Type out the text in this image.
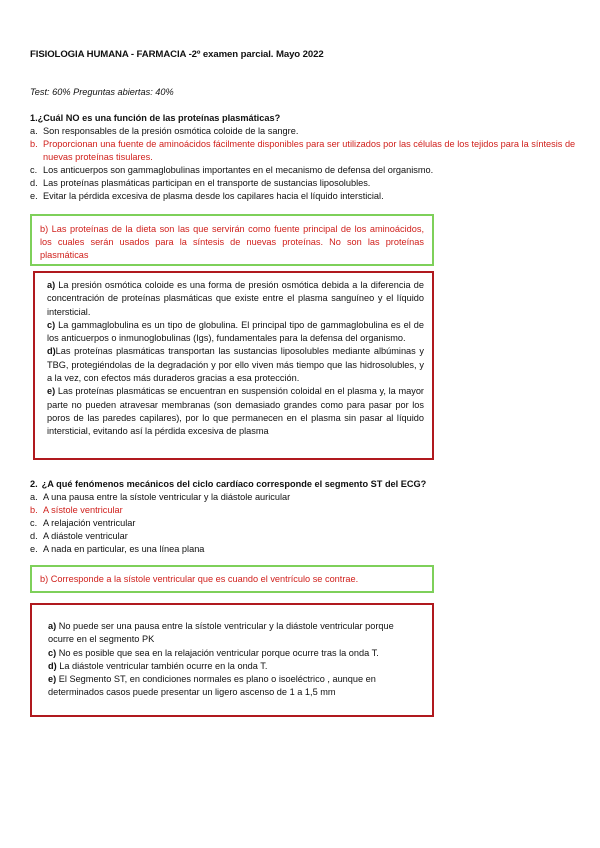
FISIOLOGIA HUMANA - FARMACIA -2º examen parcial. Mayo 2022
Test: 60% Preguntas abiertas: 40%
1.¿Cuál NO es una función de las proteínas plasmáticas?
a. Son responsables de la presión osmótica coloide de la sangre.
b. Proporcionan una fuente de aminoácidos fácilmente disponibles para ser utilizados por las células de los tejidos para la síntesis de nuevas proteínas tisulares.
c. Los anticuerpos son gammaglobulinas importantes en el mecanismo de defensa del organismo.
d. Las proteínas plasmáticas participan en el transporte de sustancias liposolubles.
e. Evitar la pérdida excesiva de plasma desde los capilares hacia el líquido intersticial.
b) Las proteínas de la dieta son las que servirán como fuente principal de los aminoácidos, los cuales serán usados para la síntesis de nuevas proteínas. No son las proteínas plasmáticas

a) La presión osmótica coloide es una forma de presión osmótica debida a la diferencia de concentración de proteínas plasmáticas que existe entre el plasma sanguíneo y el líquido intersticial.

c) La gammaglobulina es un tipo de globulina. El principal tipo de gammaglobulina es el de los anticuerpos o inmunoglobulinas (Igs), fundamentales para la defensa del organismo.

d)Las proteínas plasmáticas transportan las sustancias liposolubles mediante albúminas y TBG, protegiéndolas de la degradación y por ello viven más tiempo que las hidrosolubles, y a la vez, con efectos más duraderos gracias a esa protección.

e) Las proteínas plasmáticas se encuentran en suspensión coloidal en el plasma y, la mayor parte no pueden atravesar membranas (son demasiado grandes como para pasar por los poros de las paredes capilares), por lo que permanecen en el plasma sin pasar al líquido intersticial, evitando así la pérdida excesiva de plasma

2. ¿A qué fenómenos mecánicos del ciclo cardíaco corresponde el segmento ST del ECG?
a. A una pausa entre la sístole ventricular y la diástole auricular
b. A sístole ventricular
c. A relajación ventricular
d. A diástole ventricular
e. A nada en particular, es una línea plana
b) Corresponde a la sístole ventricular que es cuando el ventrículo se contrae.

a) No puede ser una pausa entre la sístole ventricular y la diástole ventricular porque ocurre en el segmento PK

c) No es posible que sea en la relajación ventricular porque ocurre tras la onda T.

d) La diástole ventricular también ocurre en la onda T.

e) El Segmento ST, en condiciones normales es plano o isoeléctrico , aunque en determinados casos puede presentar un ligero ascenso de 1 a 1,5 mm
